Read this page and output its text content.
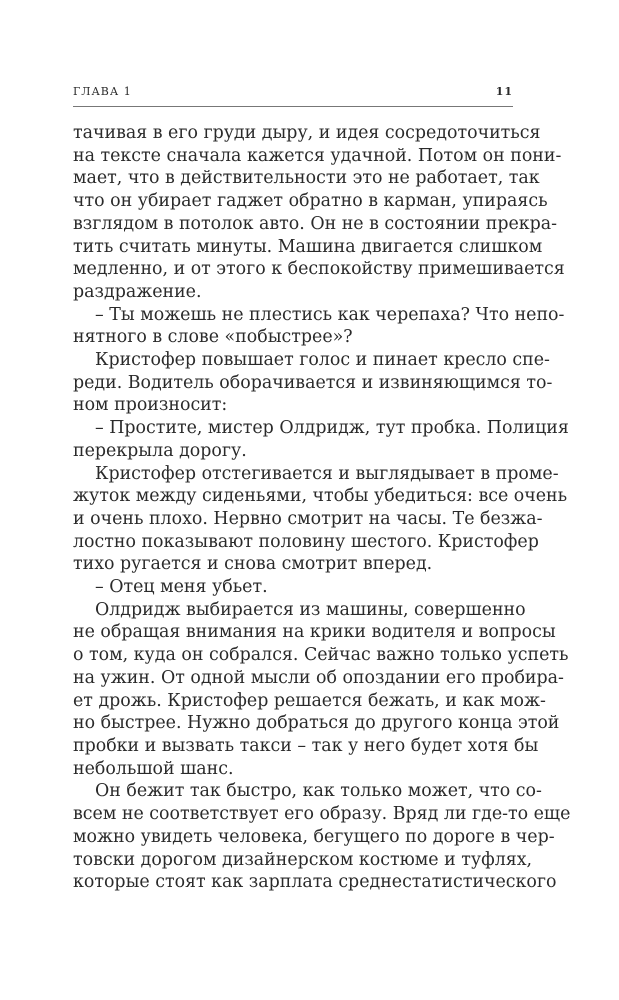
ГЛАВА 1	11
тачивая в его груди дыру, и идея сосредоточиться
на тексте сначала кажется удачной. Потом он пони-
мает, что в действительности это не работает, так
что он убирает гаджет обратно в карман, упираясь
взглядом в потолок авто. Он не в состоянии прекра-
тить считать минуты. Машина двигается слишком
медленно, и от этого к беспокойству примешивается
раздражение.
– Ты можешь не плестись как черепаха? Что непо-
нятного в слове «побыстрее»?
Кристофер повышает голос и пинает кресло спе-
реди. Водитель оборачивается и извиняющимся то-
ном произносит:
– Простите, мистер Олдридж, тут пробка. Полиция
перекрыла дорогу.
Кристофер отстегивается и выглядывает в проме-
жуток между сиденьями, чтобы убедиться: все очень
и очень плохо. Нервно смотрит на часы. Те безжа-
лостно показывают половину шестого. Кристофер
тихо ругается и снова смотрит вперед.
– Отец меня убьет.
Олдридж выбирается из машины, совершенно
не обращая внимания на крики водителя и вопросы
о том, куда он собрался. Сейчас важно только успеть
на ужин. От одной мысли об опоздании его пробира-
ет дрожь. Кристофер решается бежать, и как мож-
но быстрее. Нужно добраться до другого конца этой
пробки и вызвать такси – так у него будет хотя бы
небольшой шанс.
Он бежит так быстро, как только может, что со-
всем не соответствует его образу. Вряд ли где-то еще
можно увидеть человека, бегущего по дороге в чер-
товски дорогом дизайнерском костюме и туфлях,
которые стоят как зарплата среднестатистического
